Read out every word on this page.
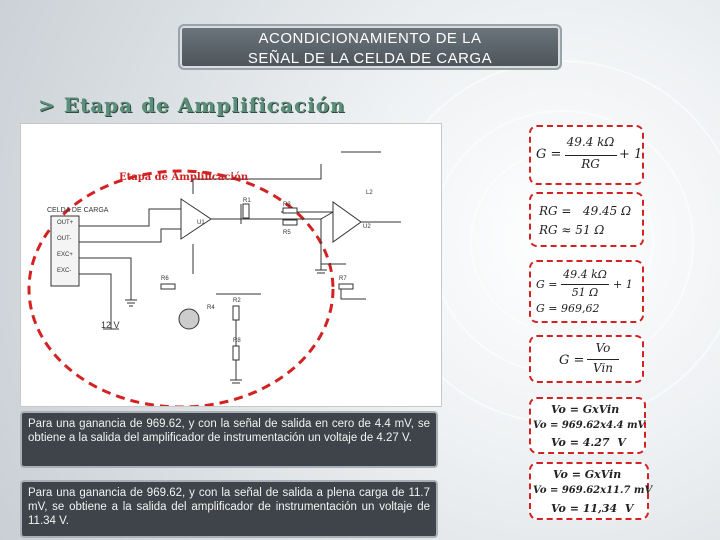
ACONDICIONAMIENTO DE LA
SEÑAL DE LA CELDA DE CARGA
> Etapa de Amplificación
OUT+
OUT-
EXC+
EXC-
R1
R3
R5
R2
R8
R7
L2
U1
U2
R6
R4
Etapa de Amplificación
CELDA DE CARGA
12 V
Para una ganancia de 969.62, y con la señal de salida en cero de 4.4 mV, se obtiene a la salida del amplificador de instrumentación un voltaje de 4.27 V.
Para una ganancia de 969.62, y con la señal de salida a plena carga de 11.7 mV, se obtiene a la salida del amplificador de instrumentación un voltaje de 11.34 V.
G =
49.4 kΩ
RG
+ 1
RG =   49.45 Ω
RG ≈ 51 Ω
G =
49.4 kΩ
51 Ω
+ 1
G = 969,62
G =
Vo
Vin
Vo = GxVin
Vo = 969.62x4.4 mV
Vo = 4.27  V
Vo = GxVin
Vo = 969.62x11.7 mV
Vo = 11,34  V
